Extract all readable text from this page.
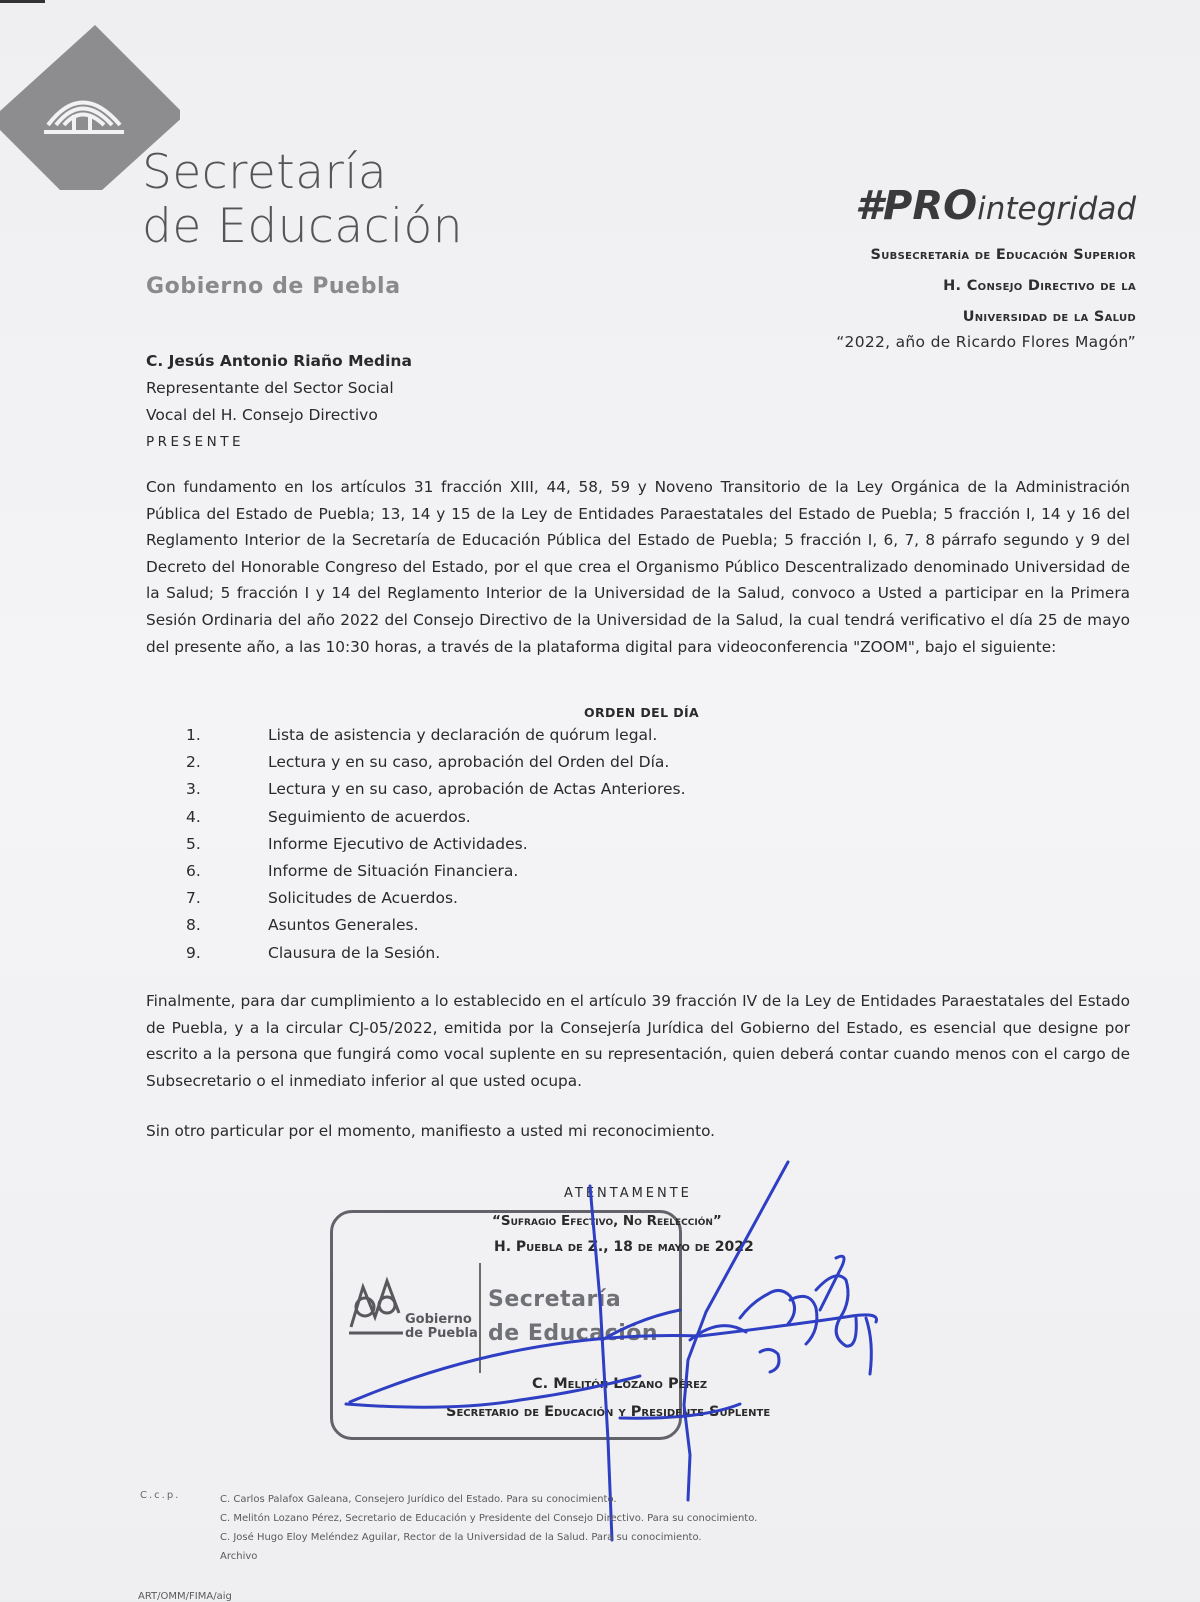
Secretaría
de Educación
Gobierno de Puebla
#PROintegridad
Subsecretaría de Educación Superior
H. Consejo Directivo de la
Universidad de la Salud
“2022, año de Ricardo Flores Magón”
C. Jesús Antonio Riaño Medina
Representante del Sector Social
Vocal del H. Consejo Directivo
PRESENTE
Con fundamento en los artículos 31 fracción XIII, 44, 58, 59 y Noveno Transitorio de la Ley Orgánica de la Administración Pública del Estado de Puebla; 13, 14 y 15 de la Ley de Entidades Paraestatales del Estado de Puebla; 5 fracción I, 14 y 16 del Reglamento Interior de la Secretaría de Educación Pública del Estado de Puebla; 5 fracción I, 6, 7, 8 párrafo segundo y 9 del Decreto del Honorable Congreso del Estado, por el que crea el Organismo Público Descentralizado denominado Universidad de la Salud; 5 fracción I y 14 del Reglamento Interior de la Universidad de la Salud, convoco a Usted a participar en la Primera Sesión Ordinaria del año 2022 del Consejo Directivo de la Universidad de la Salud, la cual tendrá verificativo el día 25 de mayo del presente año, a las 10:30 horas, a través de la plataforma digital para videoconferencia "ZOOM", bajo el siguiente:
ORDEN DEL DÍA
1.	Lista de asistencia y declaración de quórum legal.
2.	Lectura y en su caso, aprobación del Orden del Día.
3.	Lectura y en su caso, aprobación de Actas Anteriores.
4.	Seguimiento de acuerdos.
5.	Informe Ejecutivo de Actividades.
6.	Informe de Situación Financiera.
7.	Solicitudes de Acuerdos.
8.	Asuntos Generales.
9.	Clausura de la Sesión.
Finalmente, para dar cumplimiento a lo establecido en el artículo 39 fracción IV de la Ley de Entidades Paraestatales del Estado de Puebla, y a la circular CJ-05/2022, emitida por la Consejería Jurídica del Gobierno del Estado, es esencial que designe por escrito a la persona que fungirá como vocal suplente en su representación, quien deberá contar cuando menos con el cargo de Subsecretario o el inmediato inferior al que usted ocupa.
Sin otro particular por el momento, manifiesto a usted mi reconocimiento.
Gobierno
de Puebla
Secretaría
de Educación
ATENTAMENTE
“Sufragio Efectivo, No Reelección”
H. Puebla de Z., 18 de mayo de 2022
C. Melitón Lozano Pérez
Secretario de Educación y Presidente Suplente
C.c.p.	C. Carlos Palafox Galeana, Consejero Jurídico del Estado. Para su conocimiento.
C. Melitón Lozano Pérez, Secretario de Educación y Presidente del Consejo Directivo. Para su conocimiento.
C. José Hugo Eloy Meléndez Aguilar, Rector de la Universidad de la Salud. Para su conocimiento.
Archivo
ART/OMM/FIMA/aig
